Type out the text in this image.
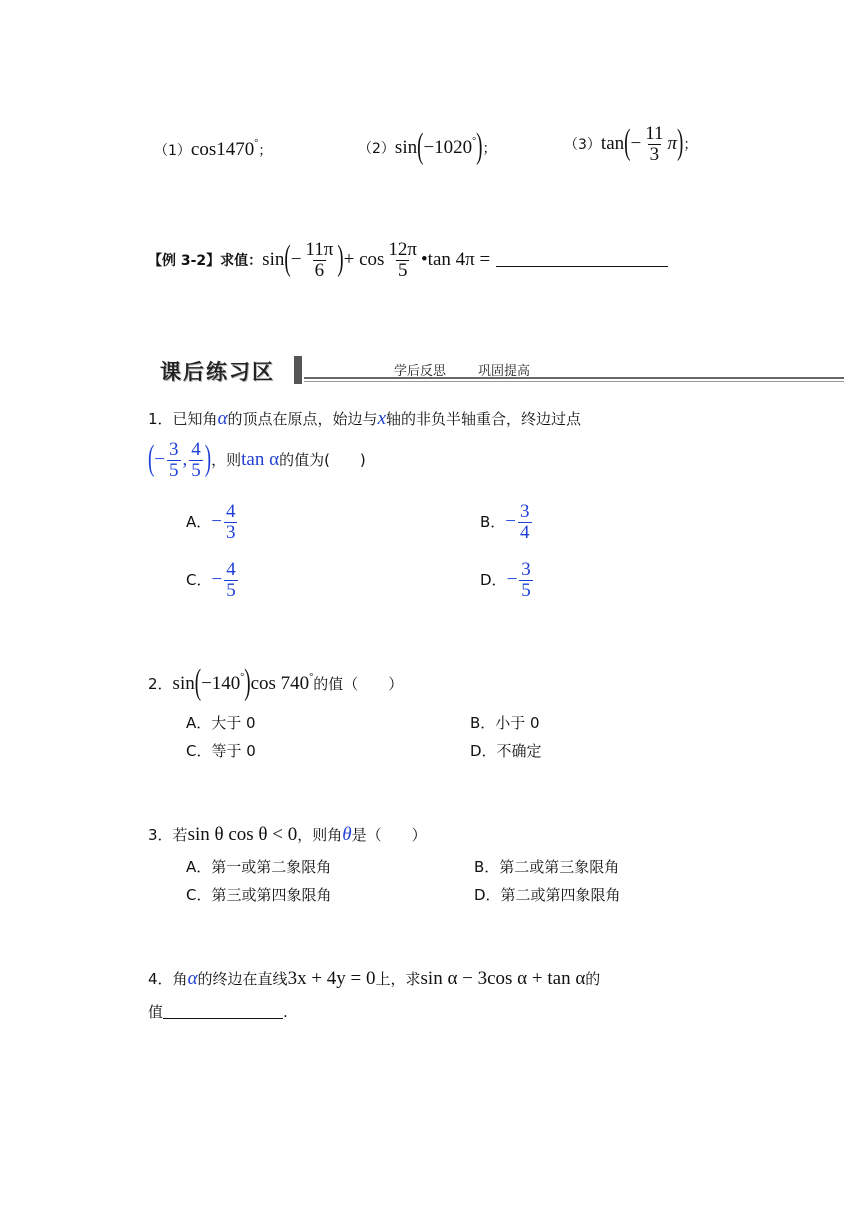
（1）cos1470°；	（2）sin(−1020°)；	$(3)\tan(- \frac{11}{3} \pi)$；
【例 3-2】求值：$\sin(- \frac{11\pi}{6}$ )+ $\cos \frac{12\pi}{5}$ •tan 4π =
课后练习区	学后反思 巩固提高
1．已知角α的顶点在原点，始边与x轴的非负半轴重合，终边过点
(− $\frac{3}{5}$ , $\frac{4}{5}$ )，则tan α的值为(　　)
A．− $\frac{4}{3}$	B．− $\frac{3}{4}$
C．− $\frac{4}{5}$	D．− $\frac{3}{5}$
2．sin(−140°)cos 740°的值（　　）
A．大于 0	B．小于 0
C．等于 0	D．不确定
3．若sin θ cos θ < 0，则角θ是（　　）
A．第一或第二象限角	B．第二或第三象限角
C．第三或第四象限角	D．第二或第四象限角
4．角α的终边在直线3x + 4y = 0上，求sin α − 3cos α + tan α的
值	.
